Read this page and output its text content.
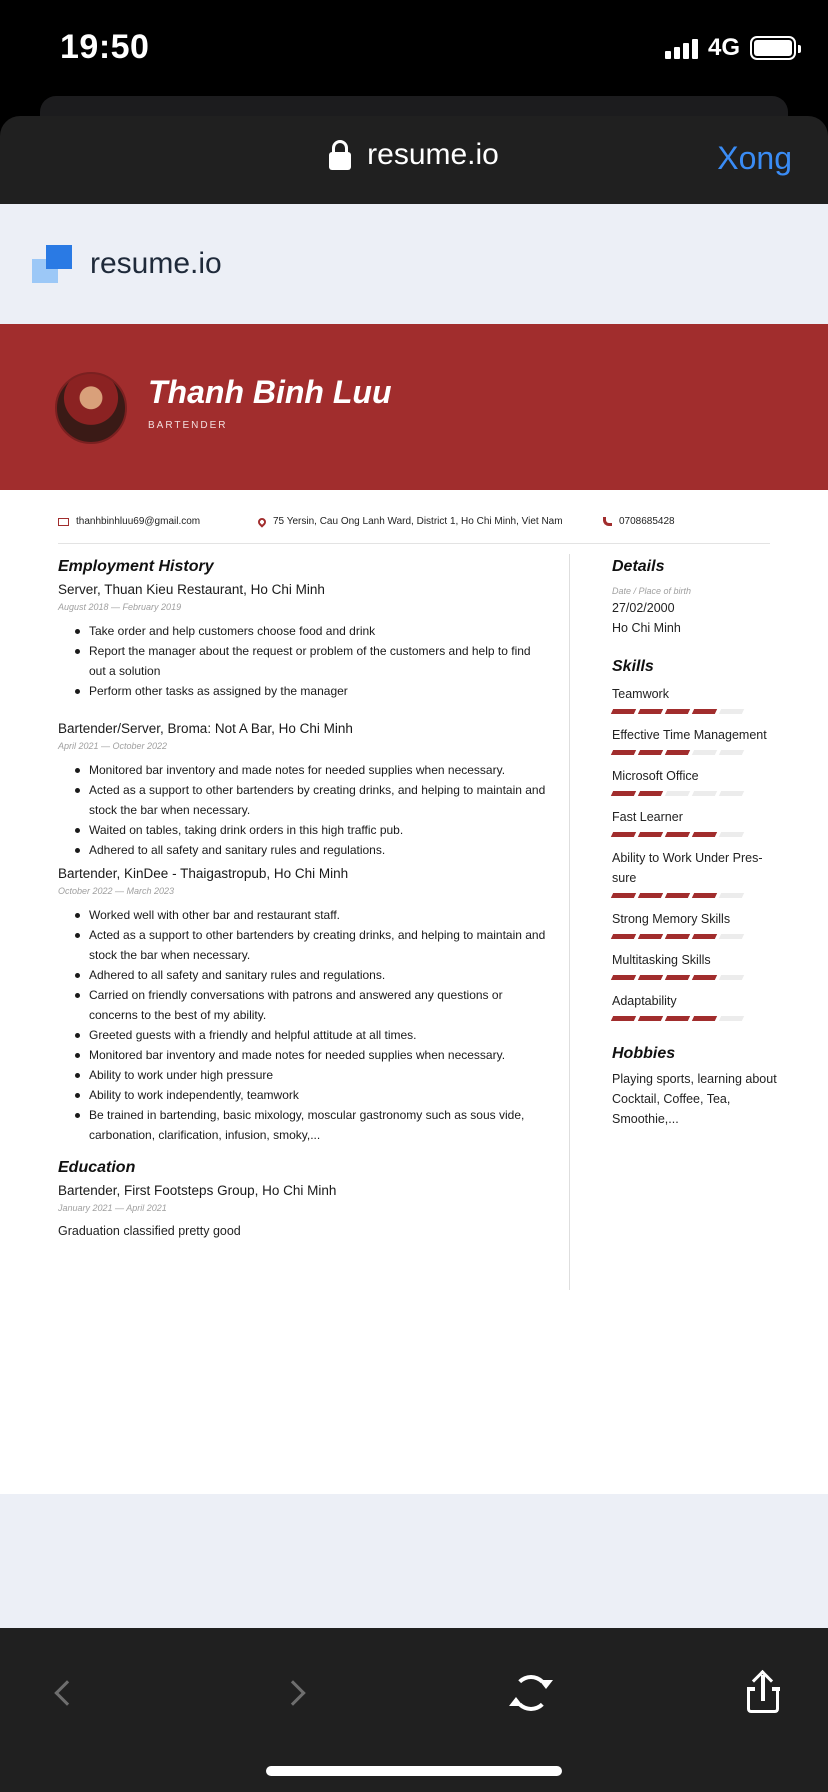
19:50	4G
resume.io	Xong
resume.io
Thanh Binh Luu
BARTENDER
thanhbinhluu69@gmail.com	75 Yersin, Cau Ong Lanh Ward, District 1, Ho Chi Minh, Viet Nam	0708685428
Employment History
Server, Thuan Kieu Restaurant, Ho Chi Minh
August 2018 — February 2019
Take order and help customers choose food and drink
Report the manager about the request or problem of the customers and help to find out a solution
Perform other tasks as assigned by the manager
Bartender/Server, Broma: Not A Bar, Ho Chi Minh
April 2021 — October 2022
Monitored bar inventory and made notes for needed supplies when necessary.
Acted as a support to other bartenders by creating drinks, and helping to maintain and stock the bar when necessary.
Waited on tables, taking drink orders in this high traffic pub.
Adhered to all safety and sanitary rules and regulations.
Bartender, KinDee - Thaigastropub, Ho Chi Minh
October 2022 — March 2023
Worked well with other bar and restaurant staff.
Acted as a support to other bartenders by creating drinks, and helping to maintain and stock the bar when necessary.
Adhered to all safety and sanitary rules and regulations.
Carried on friendly conversations with patrons and answered any questions or concerns to the best of my ability.
Greeted guests with a friendly and helpful attitude at all times.
Monitored bar inventory and made notes for needed supplies when necessary.
Ability to work under high pressure
Ability to work independently, teamwork
Be trained in bartending, basic mixology, moscular gastronomy such as sous vide, carbonation, clarification, infusion, smoky,...
Education
Bartender, First Footsteps Group, Ho Chi Minh
January 2021 — April 2021
Graduation classified pretty good
Details
Date / Place of birth
27/02/2000
Ho Chi Minh
Skills
Teamwork
Effective Time Management
Microsoft Office
Fast Learner
Ability to Work Under Pres- sure
Strong Memory Skills
Multitasking Skills
Adaptability
Hobbies
Playing sports, learning about Cocktail, Coffee, Tea, Smoothie,...
